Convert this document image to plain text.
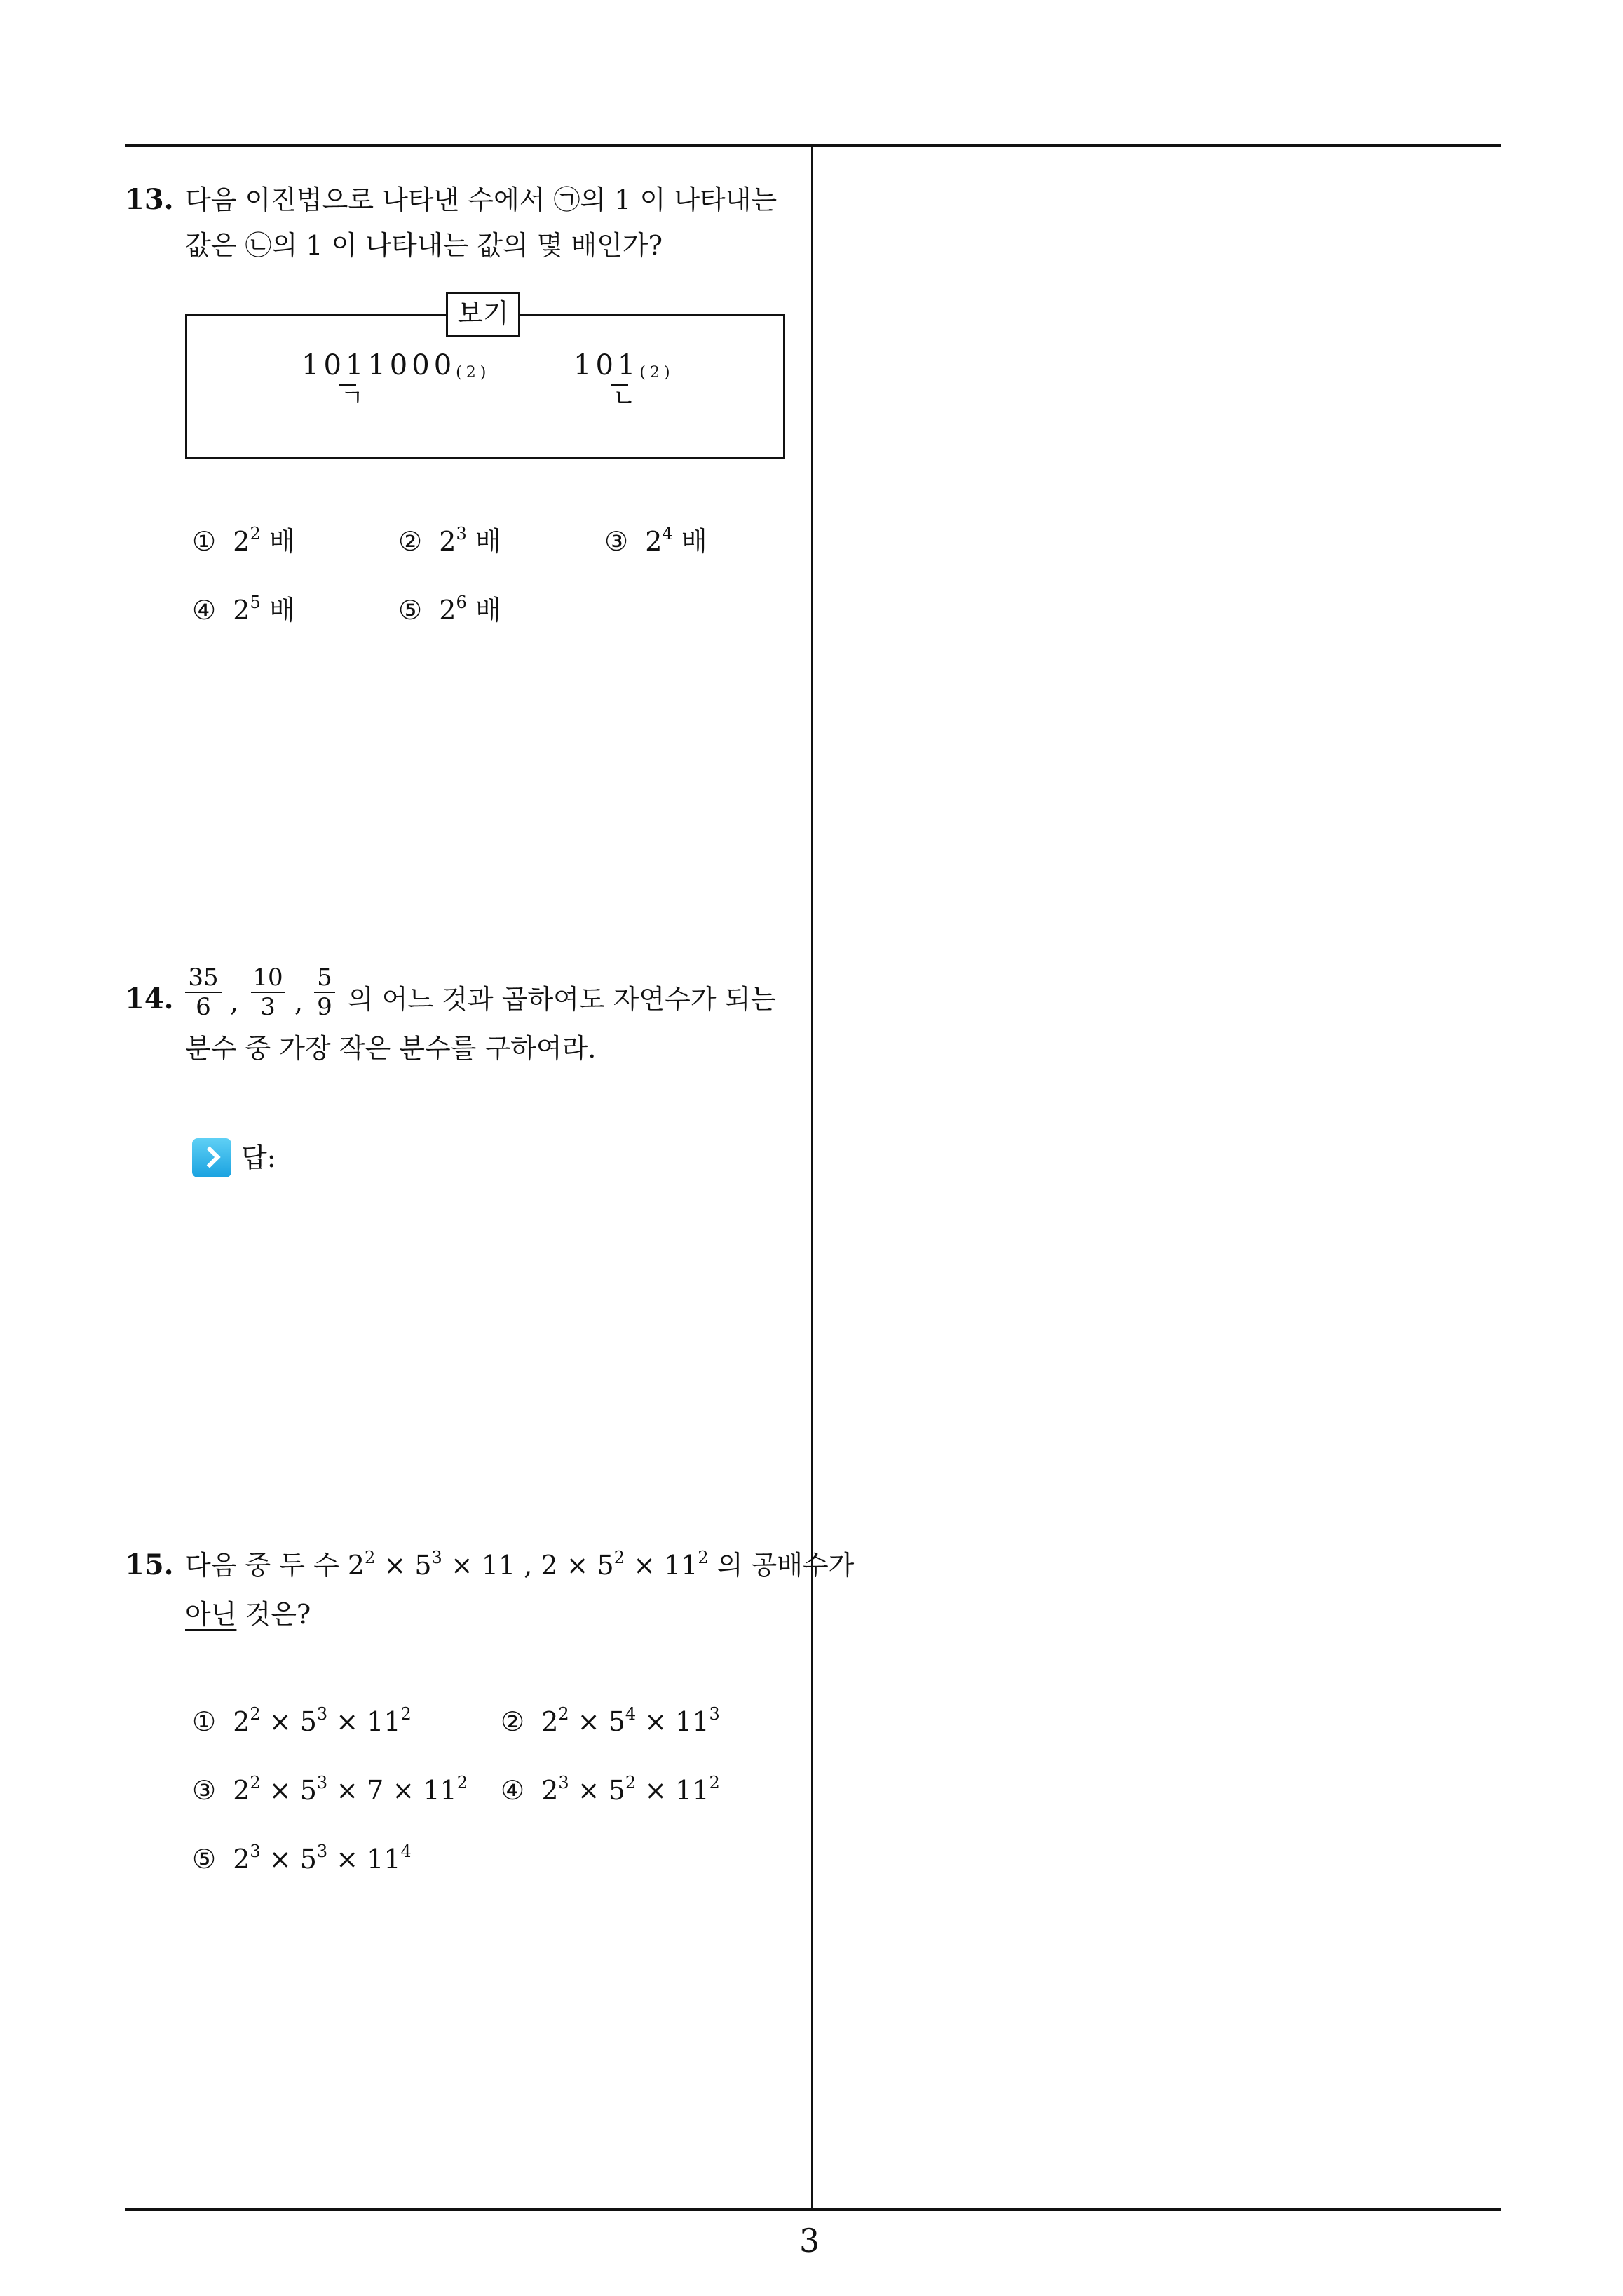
13. 다음 이진법으로 나타낸 수에서 ㉠의 1 이 나타내는
값은 ㉡의 1 이 나타내는 값의 몇 배인가?
보기
1011000(2)
ㄱ
101(2)
ㄴ
① $2^2$ 배	② $2^3$ 배	③ $2^4$ 배
④ $2^5$ 배	⑤ $2^6$ 배
14. $\frac{35}{6}$ , $\frac{10}{3}$ , $\frac{5}{9}$ 의 어느 것과 곱하여도 자연수가 되는
분수 중 가장 작은 분수를 구하여라.
답:
15. 다음 중 두 수 $2^2 \times 5^3 \times 11$ , $2 \times 5^2 \times 11^2$ 의 공배수가
아닌 것은?
①  $2^2 \times 5^3 \times 11^2$	②  $2^2 \times 5^4 \times 11^3$
③  $2^2 \times 5^3 \times 7 \times 11^2$ ④  $2^3 \times 5^2 \times 11^2$
⑤  $2^3 \times 5^3 \times 11^4$
3
